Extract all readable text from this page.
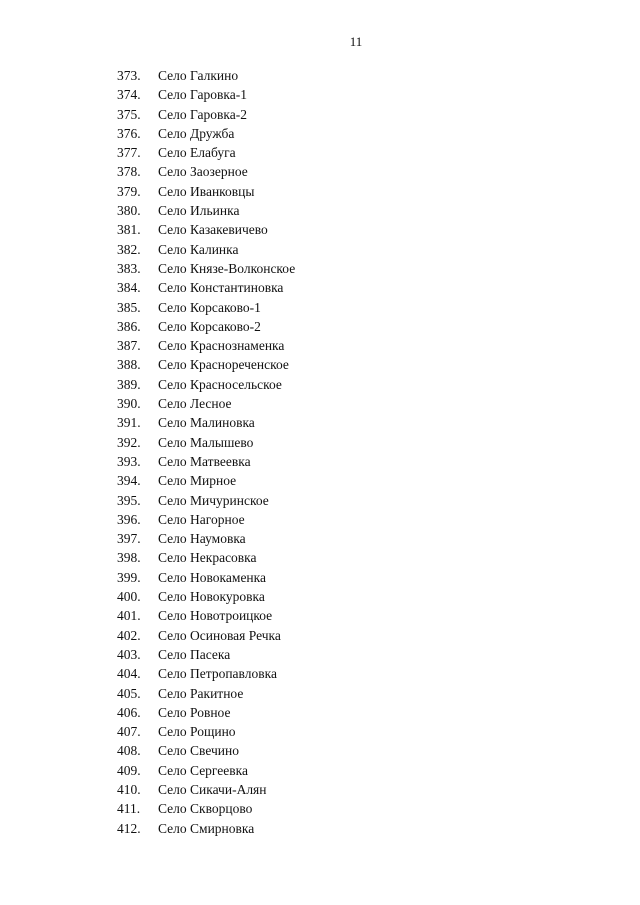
11
373.	Село Галкино
374.	Село Гаровка-1
375.	Село Гаровка-2
376.	Село Дружба
377.	Село Елабуга
378.	Село Заозерное
379.	Село Иванковцы
380.	Село Ильинка
381.	Село Казакевичево
382.	Село Калинка
383.	Село Князе-Волконское
384.	Село Константиновка
385.	Село Корсаково-1
386.	Село Корсаково-2
387.	Село Краснознаменка
388.	Село Краснореченское
389.	Село Красносельское
390.	Село Лесное
391.	Село Малиновка
392.	Село Малышево
393.	Село Матвеевка
394.	Село Мирное
395.	Село Мичуринское
396.	Село Нагорное
397.	Село Наумовка
398.	Село Некрасовка
399.	Село Новокаменка
400.	Село Новокуровка
401.	Село Новотроицкое
402.	Село Осиновая Речка
403.	Село Пасека
404.	Село Петропавловка
405.	Село Ракитное
406.	Село Ровное
407.	Село Рощино
408.	Село Свечино
409.	Село Сергеевка
410.	Село Сикачи-Алян
411.	Село Скворцово
412.	Село Смирновка
